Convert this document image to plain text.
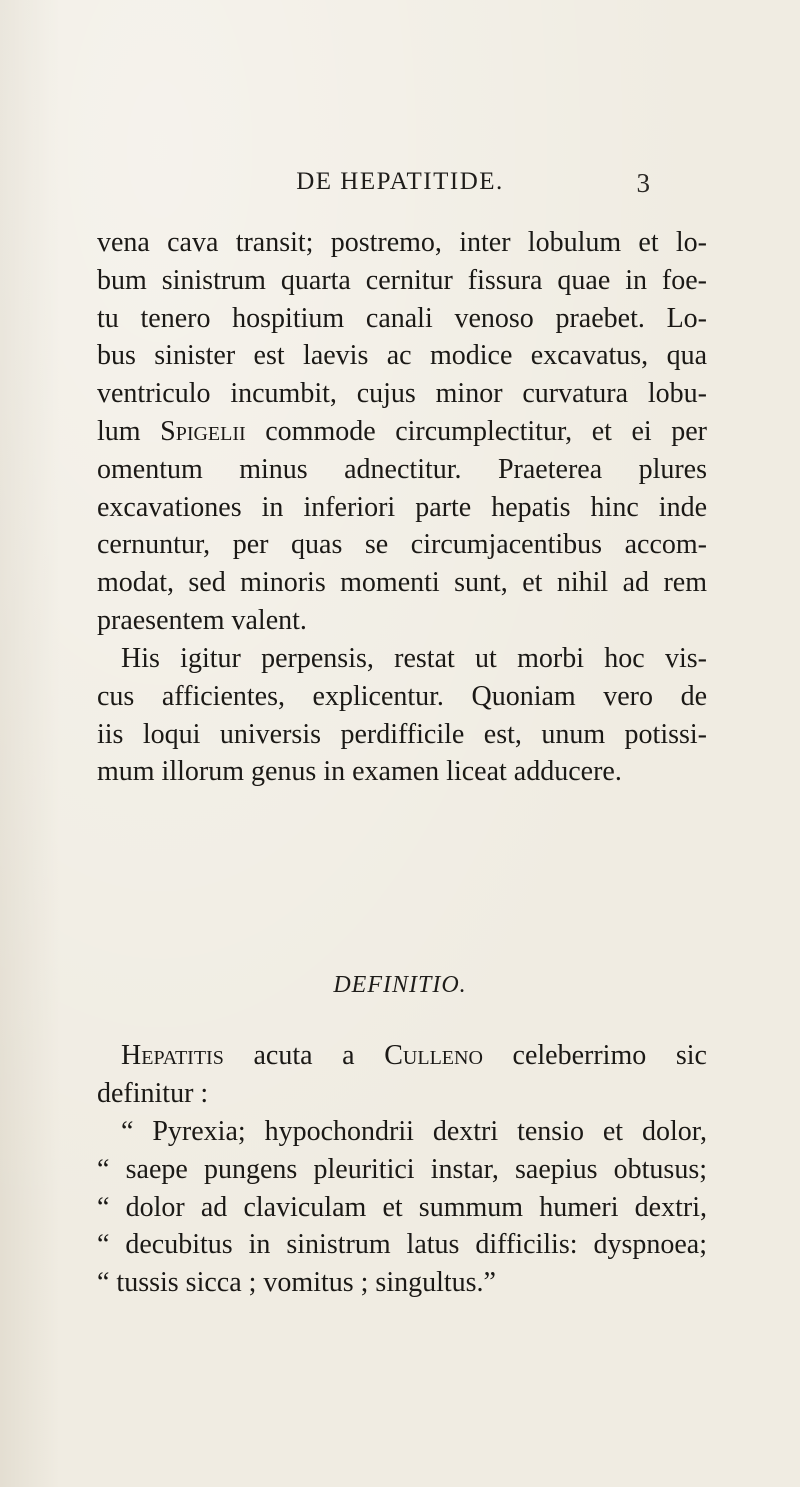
DE HEPATITIDE.	3
vena cava transit; postremo, inter lobulum et lo-
bum sinistrum quarta cernitur fissura quae in foe-
tu tenero hospitium canali venoso praebet. Lo-
bus sinister est laevis ac modice excavatus, qua
ventriculo incumbit, cujus minor curvatura lobu-
lum Spigelii commode circumplectitur, et ei per
omentum minus adnectitur. Praeterea plures
excavationes in inferiori parte hepatis hinc inde
cernuntur, per quas se circumjacentibus accom-
modat, sed minoris momenti sunt, et nihil ad rem
praesentem valent.
His igitur perpensis, restat ut morbi hoc vis-
cus afficientes, explicentur. Quoniam vero de
iis loqui universis perdifficile est, unum potissi-
mum illorum genus in examen liceat adducere.
DEFINITIO.
Hepatitis acuta a Culleno celeberrimo sic
definitur :
“ Pyrexia; hypochondrii dextri tensio et dolor,
“ saepe pungens pleuritici instar, saepius obtusus;
“ dolor ad claviculam et summum humeri dextri,
“ decubitus in sinistrum latus difficilis: dyspnoea;
“ tussis sicca ; vomitus ; singultus.”
